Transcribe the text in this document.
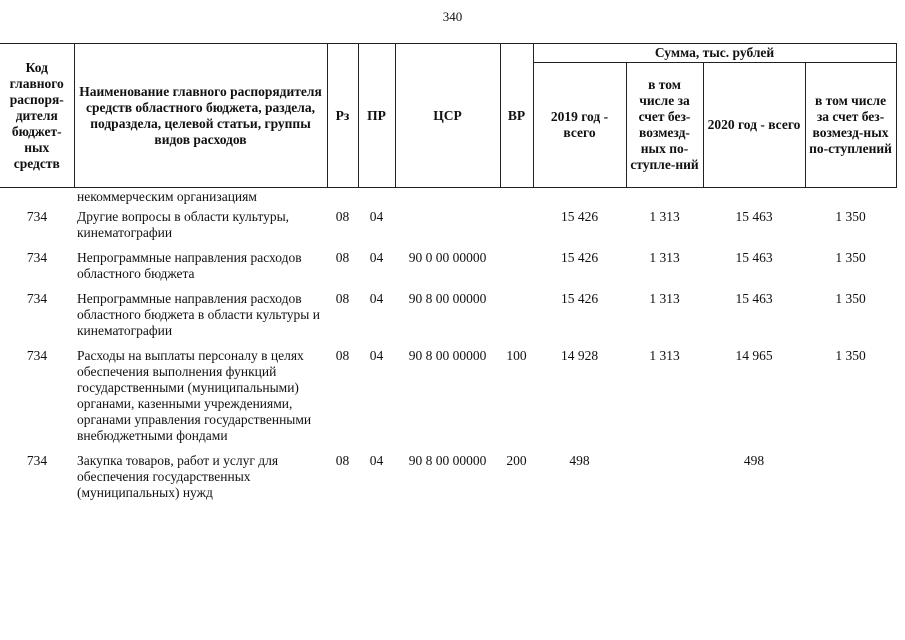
340
Код главного распоря-дителя бюджет-ных средств	Наименование главного распорядителя средств областного бюджета, раздела, подраздела, целевой статьи, группы видов расходов	Рз	ПР	ЦСР	ВР	Сумма, тыс. рублей			
						2019 год - всего	в том числе за счет без-возмезд-ных по-ступле-ний	2020 год - всего	в том числе за счет без-возмезд-ных по-ступлений
	некоммерческим организациям								
734	Другие вопросы в области культуры, кинематографии	08	04			15 426	1 313	15 463	1 350
734	Непрограммные направления расходов областного бюджета	08	04	90 0 00 00000		15 426	1 313	15 463	1 350
734	Непрограммные направления расходов областного бюджета в области культуры и кинематографии	08	04	90 8 00 00000		15 426	1 313	15 463	1 350
734	Расходы на выплаты персоналу в целях обеспечения выполнения функций государственными (муниципальными) органами, казенными учреждениями, органами управления государственными внебюджетными фондами	08	04	90 8 00 00000	100	14 928	1 313	14 965	1 350
734	Закупка товаров, работ и услуг для обеспечения государственных (муниципальных) нужд	08	04	90 8 00 00000	200	498		498	
